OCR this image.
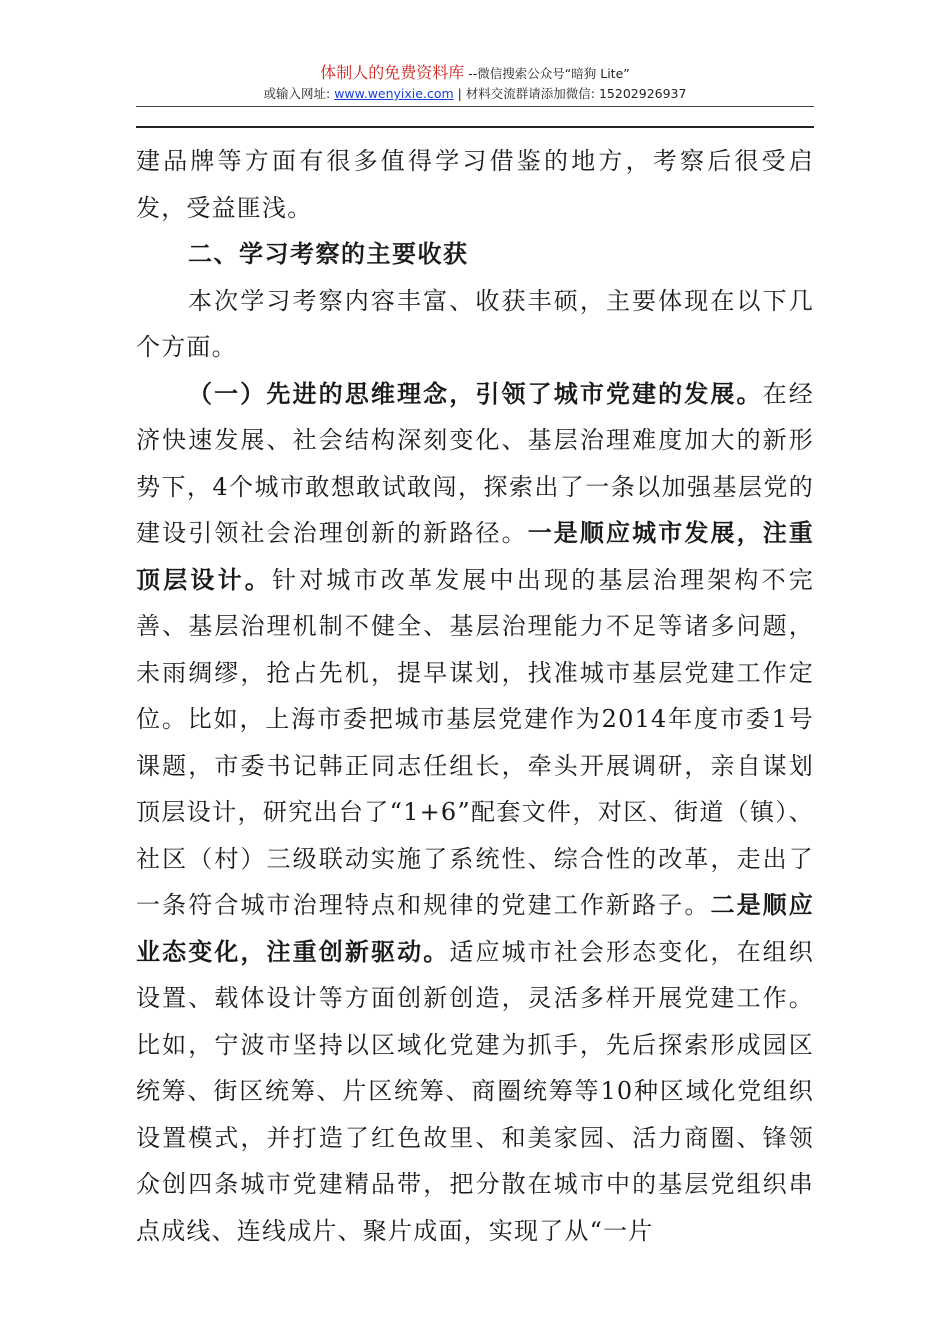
体制人的免费资料库 --微信搜索公众号“暗狗 Lite”
或输入网址: www.wenyixie.com | 材料交流群请添加微信: 15202926937

建品牌等方面有很多值得学习借鉴的地方，考察后很受启发，受益匪浅。

二、学习考察的主要收获

本次学习考察内容丰富、收获丰硕，主要体现在以下几个方面。

（一）先进的思维理念，引领了城市党建的发展。在经济快速发展、社会结构深刻变化、基层治理难度加大的新形势下，4个城市敢想敢试敢闯，探索出了一条以加强基层党的建设引领社会治理创新的新路径。一是顺应城市发展，注重顶层设计。针对城市改革发展中出现的基层治理架构不完善、基层治理机制不健全、基层治理能力不足等诸多问题，未雨绸缪，抢占先机，提早谋划，找准城市基层党建工作定位。比如，上海市委把城市基层党建作为2014年度市委1号课题，市委书记韩正同志任组长，牵头开展调研，亲自谋划顶层设计，研究出台了“1+6”配套文件，对区、街道（镇）、社区（村）三级联动实施了系统性、综合性的改革，走出了一条符合城市治理特点和规律的党建工作新路子。二是顺应业态变化，注重创新驱动。适应城市社会形态变化，在组织设置、载体设计等方面创新创造，灵活多样开展党建工作。比如，宁波市坚持以区域化党建为抓手，先后探索形成园区统筹、街区统筹、片区统筹、商圈统筹等10种区域化党组织设置模式，并打造了红色故里、和美家园、活力商圈、锋领众创四条城市党建精品带，把分散在城市中的基层党组织串点成线、连线成片、聚片成面，实现了从“一片
